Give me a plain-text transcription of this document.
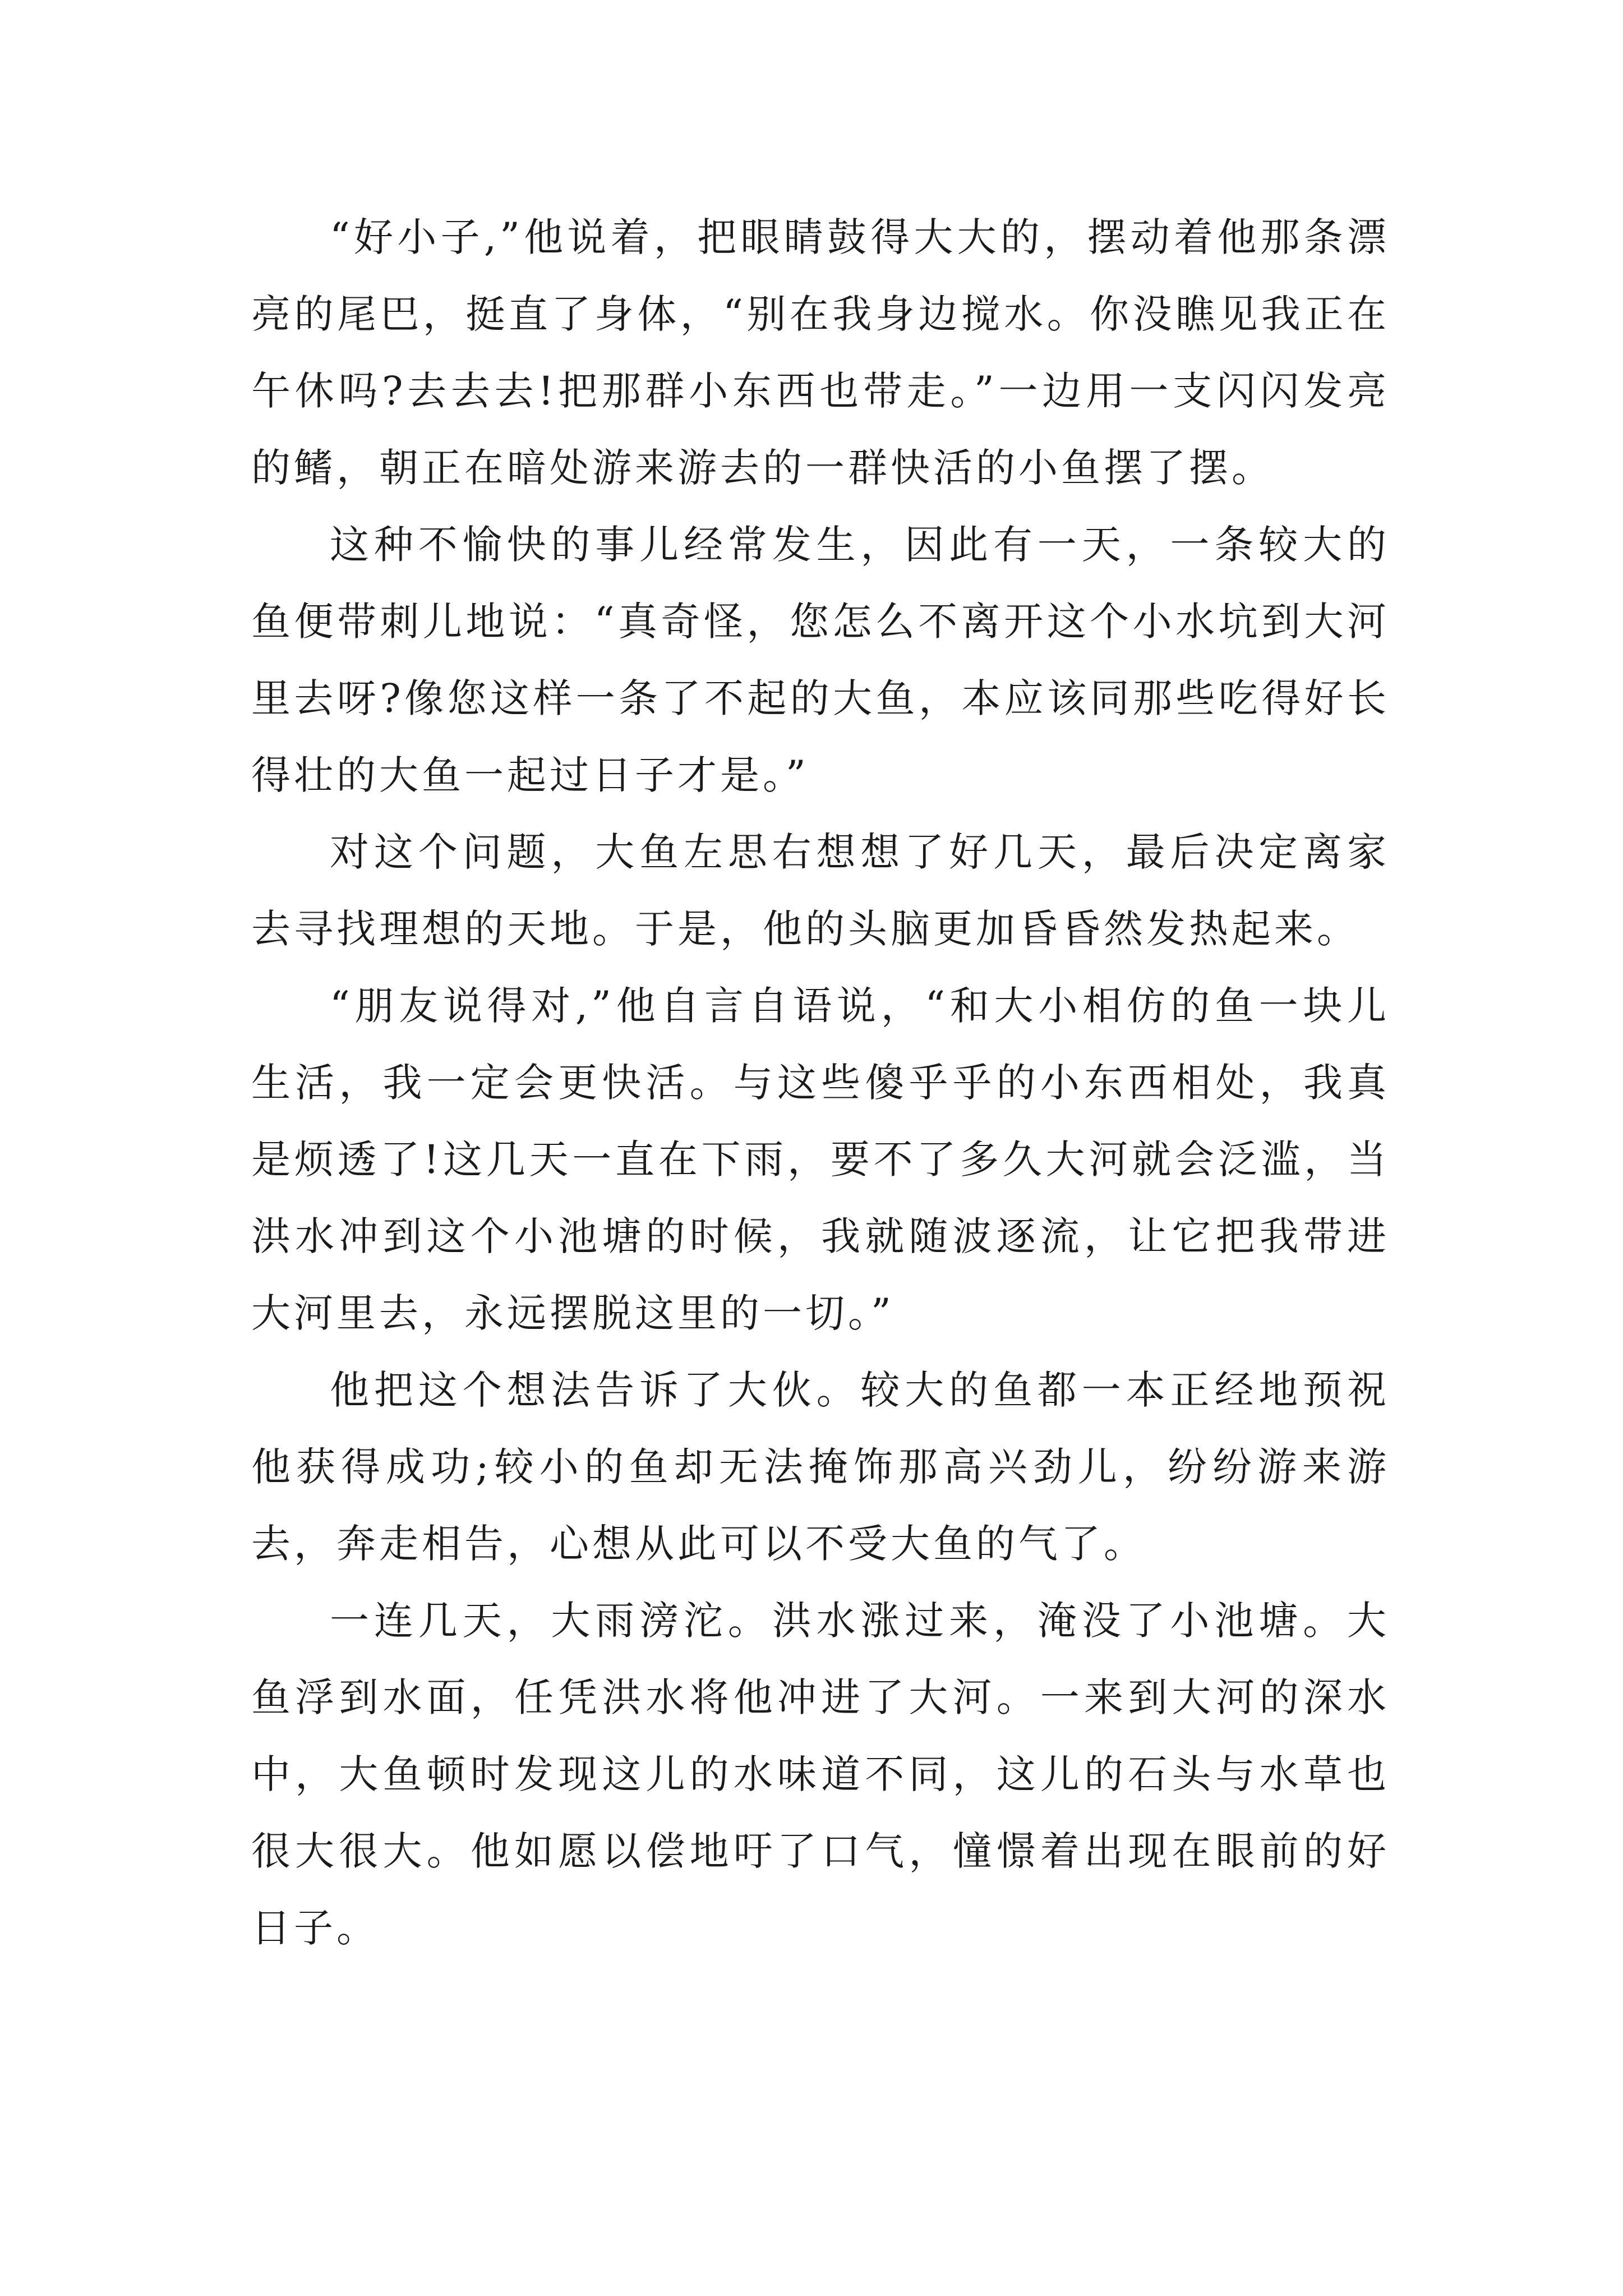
“好小子,”他说着，把眼睛鼓得大大的，摆动着他那条漂亮的尾巴，挺直了身体，“别在我身边搅水。你没瞧见我正在午休吗?去去去!把那群小东西也带走。”一边用一支闪闪发亮的鳍，朝正在暗处游来游去的一群快活的小鱼摆了摆。

这种不愉快的事儿经常发生，因此有一天，一条较大的鱼便带刺儿地说：“真奇怪，您怎么不离开这个小水坑到大河里去呀?像您这样一条了不起的大鱼，本应该同那些吃得好长得壮的大鱼一起过日子才是。”

对这个问题，大鱼左思右想想了好几天，最后决定离家去寻找理想的天地。于是，他的头脑更加昏昏然发热起来。

“朋友说得对,”他自言自语说，“和大小相仿的鱼一块儿生活，我一定会更快活。与这些傻乎乎的小东西相处，我真是烦透了!这几天一直在下雨，要不了多久大河就会泛滥，当洪水冲到这个小池塘的时候，我就随波逐流，让它把我带进大河里去，永远摆脱这里的一切。”

他把这个想法告诉了大伙。较大的鱼都一本正经地预祝他获得成功;较小的鱼却无法掩饰那高兴劲儿，纷纷游来游去，奔走相告，心想从此可以不受大鱼的气了。

一连几天，大雨滂沱。洪水涨过来，淹没了小池塘。大鱼浮到水面，任凭洪水将他冲进了大河。一来到大河的深水中，大鱼顿时发现这儿的水味道不同，这儿的石头与水草也很大很大。他如愿以偿地吁了口气，憧憬着出现在眼前的好日子。
